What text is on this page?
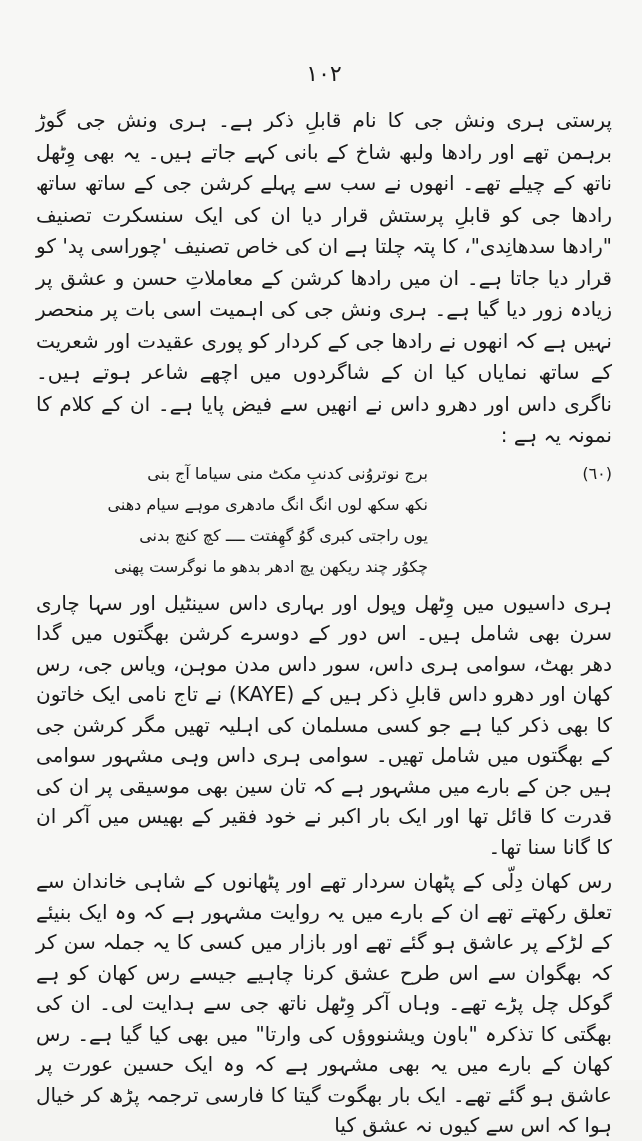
١٠٢

پرستی ہری ونش جی کا نام قابلِ ذکر ہے۔ ہری ونش جی گوڑ برہمن تھے اور رادھا ولبھ شاخ کے بانی کہے جاتے ہیں۔ یہ بھی وِٹھل ناتھ کے چیلے تھے۔ انھوں نے سب سے پہلے کرشن جی کے ساتھ ساتھ رادھا جی کو قابلِ پرستش قرار دیا ان کی ایک سنسکرت تصنیف "رادھا سدھانِدی"، کا پتہ چلتا ہے ان کی خاص تصنیف 'چوراسی پد' کو قرار دیا جاتا ہے۔ ان میں رادھا کرشن کے معاملاتِ حسن و عشق پر زیادہ زور دیا گیا ہے۔ ہری ونش جی کی اہمیت اسی بات پر منحصر نہیں ہے کہ انھوں نے رادھا جی کے کردار کو پوری عقیدت اور شعریت کے ساتھ نمایاں کیا ان کے شاگردوں میں اچھے شاعر ہوتے ہیں۔ ناگری داس اور دھرو داس نے انھیں سے فیض پایا ہے۔ ان کے کلام کا نمونہ یہ ہے :

(٦٠)
برج نوتروُنی کدنبِ مکٹ منی سیاما آج بنی
نکھ سکھ لوں انگ انگ مادھری موہے سیام دھنی
یوں راجتی کبری گوُ گھِفتت ــــ کچ کنچ بدنی
چکوُر چند ریکھن یچ ادھر بدھو ما نوگرست پھنی

ہری داسیوں میں وِٹھل وپول اور بہاری داس سینٹیل اور سہا چاری سرن بھی شامل ہیں۔ اس دور کے دوسرے کرشن بھگتوں میں گدا دھر بھٹ، سوامی ہری داس، سور داس مدن موہن، ویاس جی، رس کھان اور دھرو داس قابلِ ذکر ہیں کے (KAYE) نے تاج نامی ایک خاتون کا بھی ذکر کیا ہے جو کسی مسلمان کی اہلیہ تھیں مگر کرشن جی کے بھگتوں میں شامل تھیں۔ سوامی ہری داس وہی مشہور سوامی ہیں جن کے بارے میں مشہور ہے کہ تان سین بھی موسیقی پر ان کی قدرت کا قائل تھا اور ایک بار اکبر نے خود فقیر کے بھیس میں آکر ان کا گانا سنا تھا۔

رس کھان دِلّی کے پٹھان سردار تھے اور پٹھانوں کے شاہی خاندان سے تعلق رکھتے تھے ان کے بارے میں یہ روایت مشہور ہے کہ وہ ایک بنیئے کے لڑکے پر عاشق ہو گئے تھے اور بازار میں کسی کا یہ جملہ سن کر کہ بھگوان سے اس طرح عشق کرنا چاہیے جیسے رس کھان کو ہے گوکل چل پڑے تھے۔ وہاں آکر وِٹھل ناتھ جی سے ہدایت لی۔ ان کی بھگتی کا تذکرہ "باون ویشنووؤں کی وارتا" میں بھی کیا گیا ہے۔ رس کھان کے بارے میں یہ بھی مشہور ہے کہ وہ ایک حسین عورت پر عاشق ہو گئے تھے۔ ایک بار بھگوت گیتا کا فارسی ترجمہ پڑھ کر خیال ہوا کہ اس سے کیوں نہ عشق کیا
